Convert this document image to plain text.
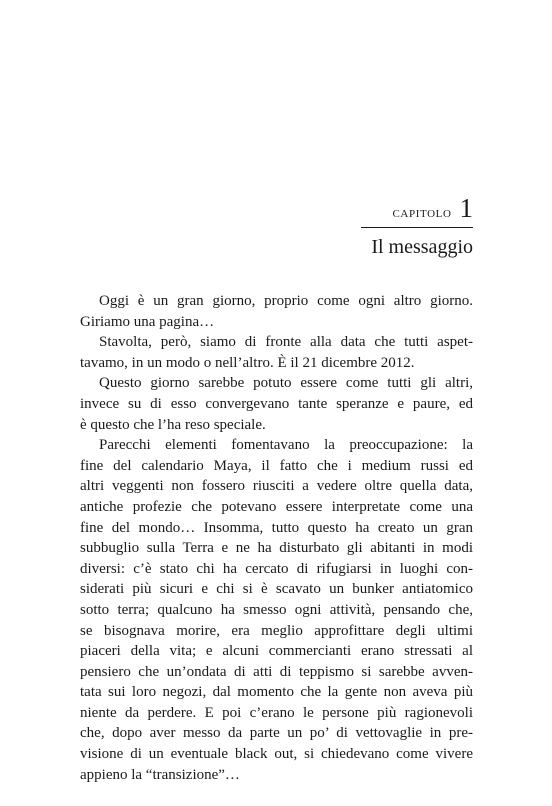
CAPITOLO 1
Il messaggio
Oggi è un gran giorno, proprio come ogni altro giorno.
Giriamo una pagina…
Stavolta, però, siamo di fronte alla data che tutti aspet-
tavamo, in un modo o nell’altro. È il 21 dicembre 2012.
Questo giorno sarebbe potuto essere come tutti gli altri,
invece su di esso convergevano tante speranze e paure, ed
è questo che l’ha reso speciale.
Parecchi elementi fomentavano la preoccupazione: la
fine del calendario Maya, il fatto che i medium russi ed
altri veggenti non fossero riusciti a vedere oltre quella data,
antiche profezie che potevano essere interpretate come una
fine del mondo… Insomma, tutto questo ha creato un gran
subbuglio sulla Terra e ne ha disturbato gli abitanti in modi
diversi: c’è stato chi ha cercato di rifugiarsi in luoghi con-
siderati più sicuri e chi si è scavato un bunker antiatomico
sotto terra; qualcuno ha smesso ogni attività, pensando che,
se bisognava morire, era meglio approfittare degli ultimi
piaceri della vita; e alcuni commercianti erano stressati al
pensiero che un’ondata di atti di teppismo si sarebbe avven-
tata sui loro negozi, dal momento che la gente non aveva più
niente da perdere. E poi c’erano le persone più ragionevoli
che, dopo aver messo da parte un po’ di vettovaglie in pre-
visione di un eventuale black out, si chiedevano come vivere
appieno la “transizione”…
